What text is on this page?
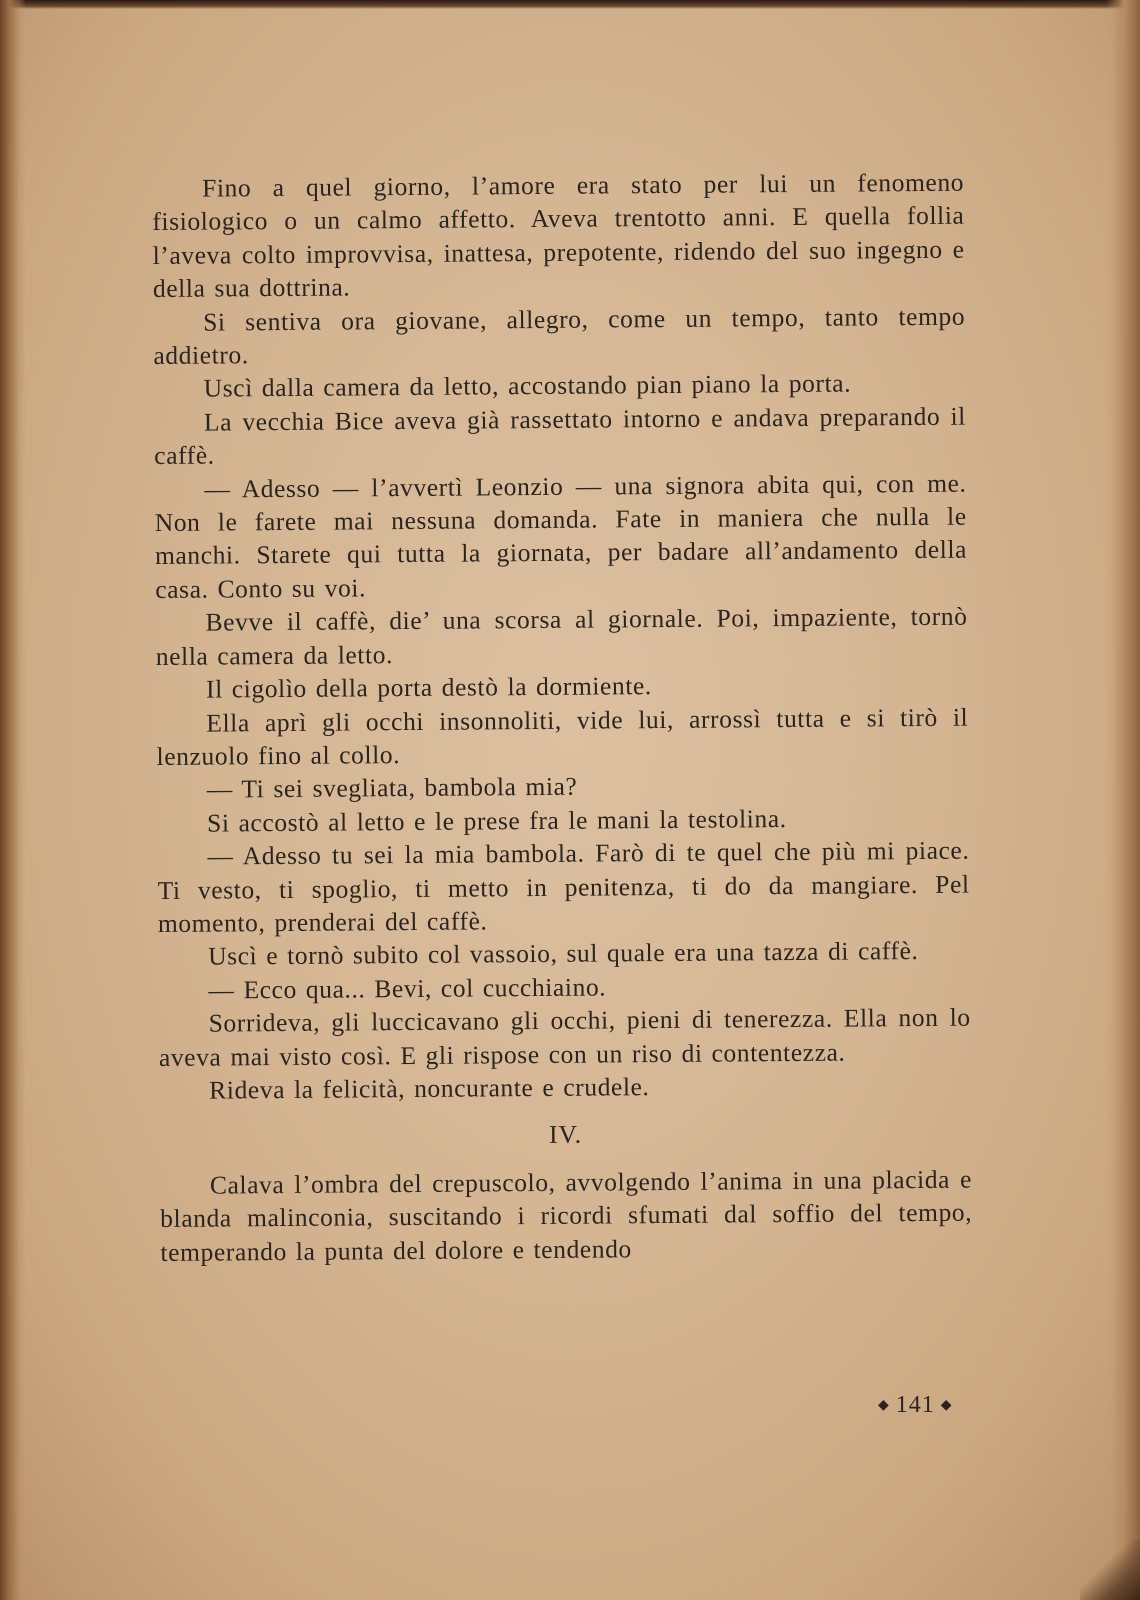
Fino a quel giorno, l’amore era stato per lui un fenomeno fisiologico o un calmo affetto. Aveva trentotto anni. E quella follia l’aveva colto improvvisa, inattesa, prepotente, ridendo del suo ingegno e della sua dottrina.

Si sentiva ora giovane, allegro, come un tempo, tanto tempo addietro.

Uscì dalla camera da letto, accostando pian piano la porta.

La vecchia Bice aveva già rassettato intorno e andava preparando il caffè.

— Adesso — l’avvertì Leonzio — una signora abita qui, con me. Non le farete mai nessuna domanda. Fate in maniera che nulla le manchi. Starete qui tutta la giornata, per badare all’andamento della casa. Conto su voi.

Bevve il caffè, die’ una scorsa al giornale. Poi, impaziente, tornò nella camera da letto.

Il cigolìo della porta destò la dormiente.

Ella aprì gli occhi insonnoliti, vide lui, arrossì tutta e si tirò il lenzuolo fino al collo.

— Ti sei svegliata, bambola mia?

Si accostò al letto e le prese fra le mani la testolina.

— Adesso tu sei la mia bambola. Farò di te quel che più mi piace. Ti vesto, ti spoglio, ti metto in penitenza, ti do da mangiare. Pel momento, prenderai del caffè.

Uscì e tornò subito col vassoio, sul quale era una tazza di caffè.

— Ecco qua... Bevi, col cucchiaino.

Sorrideva, gli luccicavano gli occhi, pieni di tenerezza. Ella non lo aveva mai visto così. E gli rispose con un riso di contentezza.

Rideva la felicità, noncurante e crudele.

IV.

Calava l’ombra del crepuscolo, avvolgendo l’anima in una placida e blanda malinconia, suscitando i ricordi sfumati dal soffio del tempo, temperando la punta del dolore e tendendo

◆ 141 ◆
